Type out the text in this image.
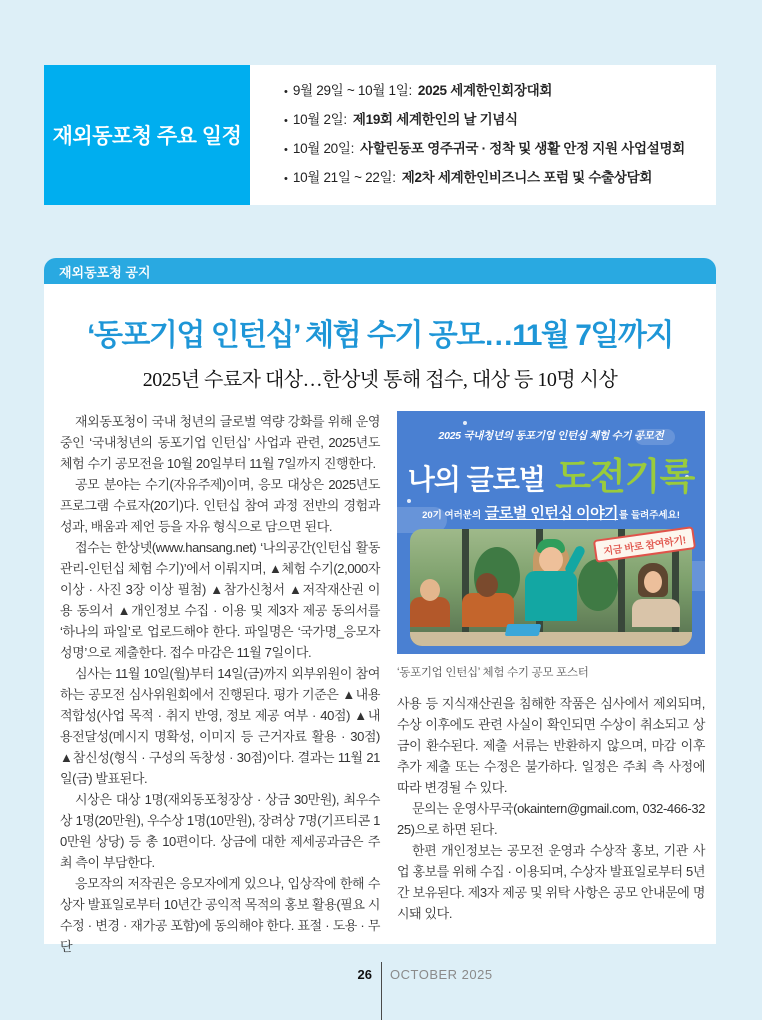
재외동포청 주요 일정
• 9월 29일 ~ 10월 1일: 2025 세계한인회장대회
• 10월 2일: 제19회 세계한인의 날 기념식
• 10월 20일: 사할린동포 영주귀국 · 정착 및 생활 안정 지원 사업설명회
• 10월 21일 ~ 22일: 제2차 세계한인비즈니스 포럼 및 수출상담회
재외동포청 공지
‘동포기업 인턴십’ 체험 수기 공모…11월 7일까지
2025년 수료자 대상…한상넷 통해 접수, 대상 등 10명 시상

재외동포청이 국내 청년의 글로벌 역량 강화를 위해 운영 중인 ‘국내청년의 동포기업 인턴십’ 사업과 관련, 2025년도 체험 수기 공모전을 10월 20일부터 11월 7일까지 진행한다.

공모 분야는 수기(자유주제)이며, 응모 대상은 2025년도 프로그램 수료자(20기)다. 인턴십 참여 과정 전반의 경험과 성과, 배움과 제언 등을 자유 형식으로 담으면 된다.

접수는 한상넷(www.hansang.net) ‘나의공간(인턴십 활동 관리-인턴십 체험 수기)’에서 이뤄지며, ▲체험 수기(2,000자 이상 · 사진 3장 이상 필첨) ▲참가신청서 ▲저작재산권 이용 동의서 ▲개인정보 수집 · 이용 및 제3자 제공 동의서를 ‘하나의 파일’로 업로드해야 한다. 파일명은 ‘국가명_응모자 성명’으로 제출한다. 접수 마감은 11월 7일이다.

심사는 11월 10일(월)부터 14일(금)까지 외부위원이 참여하는 공모전 심사위원회에서 진행된다. 평가 기준은 ▲내용적합성(사업 목적 · 취지 반영, 정보 제공 여부 · 40점) ▲내용전달성(메시지 명확성, 이미지 등 근거자료 활용 · 30점) ▲참신성(형식 · 구성의 독창성 · 30점)이다. 결과는 11월 21일(금) 발표된다.

시상은 대상 1명(재외동포청장상 · 상금 30만원), 최우수상 1명(20만원), 우수상 1명(10만원), 장려상 7명(기프티콘 10만원 상당) 등 총 10편이다. 상금에 대한 제세공과금은 주최 측이 부담한다.

응모작의 저작권은 응모자에게 있으나, 입상작에 한해 수상자 발표일로부터 10년간 공익적 목적의 홍보 활용(필요 시 수정 · 변경 · 재가공 포함)에 동의해야 한다. 표절 · 도용 · 무단

2025 국내청년의 동포기업 인턴십 체험 수기 공모전
나의 글로벌 도전기록
20기 여러분의 글로벌 인턴십 이야기를 들려주세요!
지금 바로 참여하기!
‘동포기업 인턴십’ 체험 수기 공모 포스터

사용 등 지식재산권을 침해한 작품은 심사에서 제외되며, 수상 이후에도 관련 사실이 확인되면 수상이 취소되고 상금이 환수된다. 제출 서류는 반환하지 않으며, 마감 이후 추가 제출 또는 수정은 불가하다. 일정은 주최 측 사정에 따라 변경될 수 있다.

문의는 운영사무국(okaintern@gmail.com, 032-466-3225)으로 하면 된다.

한편 개인정보는 공모전 운영과 수상작 홍보, 기관 사업 홍보를 위해 수집 · 이용되며, 수상자 발표일로부터 5년간 보유된다. 제3자 제공 및 위탁 사항은 공모 안내문에 명시돼 있다.

26 OCTOBER 2025
